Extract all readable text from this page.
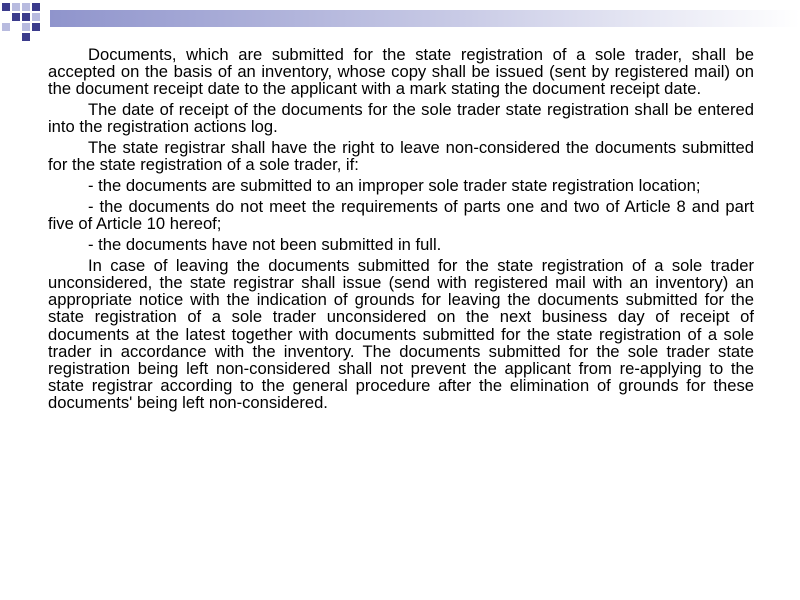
Documents, which are submitted for the state registration of a sole trader, shall be accepted on the basis of an inventory, whose copy shall be issued (sent by registered mail) on the document receipt date to the applicant with a mark stating the document receipt date.

The date of receipt of the documents for the sole trader state registration shall be entered into the registration actions log.

The state registrar shall have the right to leave non-considered the documents submitted for the state registration of a sole trader, if:

- the documents are submitted to an improper sole trader state registration location;

- the documents do not meet the requirements of parts one and two of Article 8 and part five of Article 10 hereof;

- the documents have not been submitted in full.

In case of leaving the documents submitted for the state registration of a sole trader unconsidered, the state registrar shall issue (send with registered mail with an inventory) an appropriate notice with the indication of grounds for leaving the documents submitted for the state registration of a sole trader unconsidered on the next business day of receipt of documents at the latest together with documents submitted for the state registration of a sole trader in accordance with the inventory. The documents submitted for the sole trader state registration being left non-considered shall not prevent the applicant from re-applying to the state registrar according to the general procedure after the elimination of grounds for these documents' being left non-considered.
